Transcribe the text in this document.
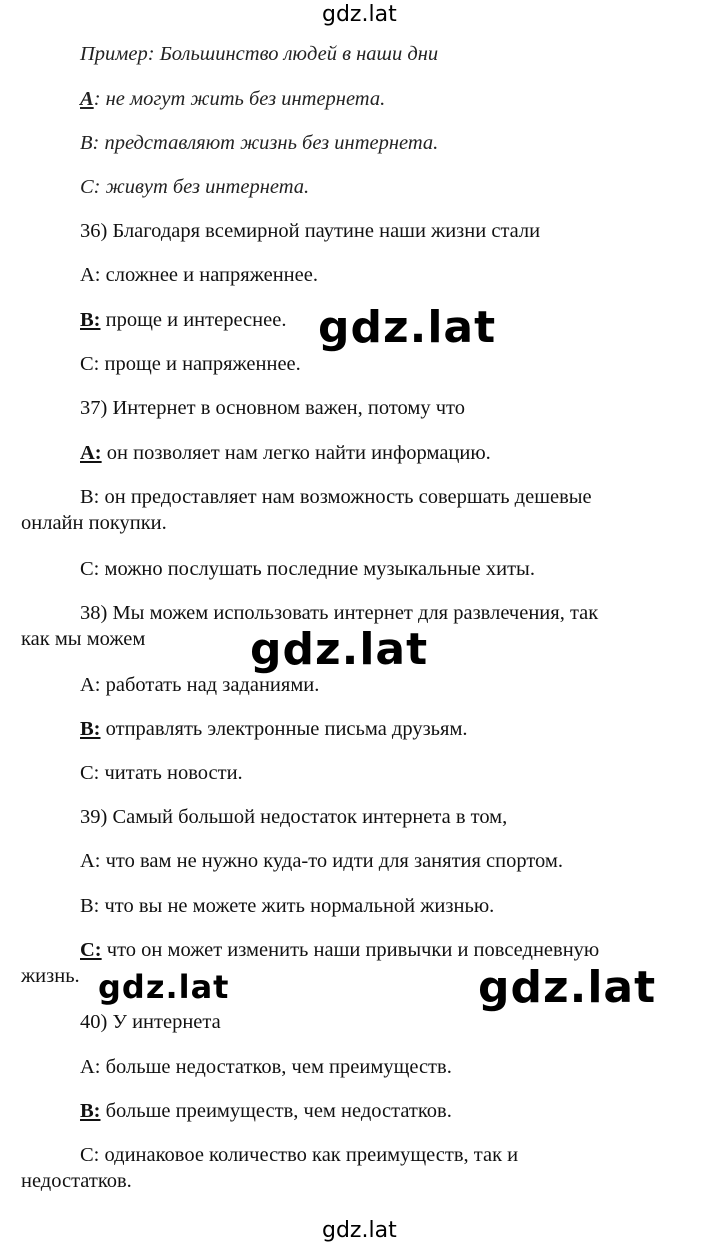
gdz.lat
Пример: Большинство людей в наши дни
А: не могут жить без интернета.
В: представляют жизнь без интернета.
С: живут без интернета.
36) Благодаря всемирной паутине наши жизни стали
А: сложнее и напряженнее.
В: проще и интереснее. gdz.lat
С: проще и напряженнее.
37) Интернет в основном важен, потому что
А: он позволяет нам легко найти информацию.
В: он предоставляет нам возможность совершать дешевые
онлайн покупки.
С: можно послушать последние музыкальные хиты.
38) Мы можем использовать интернет для развлечения, так
как мы можем	gdz.lat
А: работать над заданиями.
В: отправлять электронные письма друзьям.
С: читать новости.
39) Самый большой недостаток интернета в том,
А: что вам не нужно куда-то идти для занятия спортом.
В: что вы не можете жить нормальной жизнью.
С: что он может изменить наши привычки и повседневную
жизнь. gdz.lat	gdz.lat
40) У интернета
А: больше недостатков, чем преимуществ.
В: больше преимуществ, чем недостатков.
С: одинаковое количество как преимуществ, так и
недостатков.
gdz.lat
